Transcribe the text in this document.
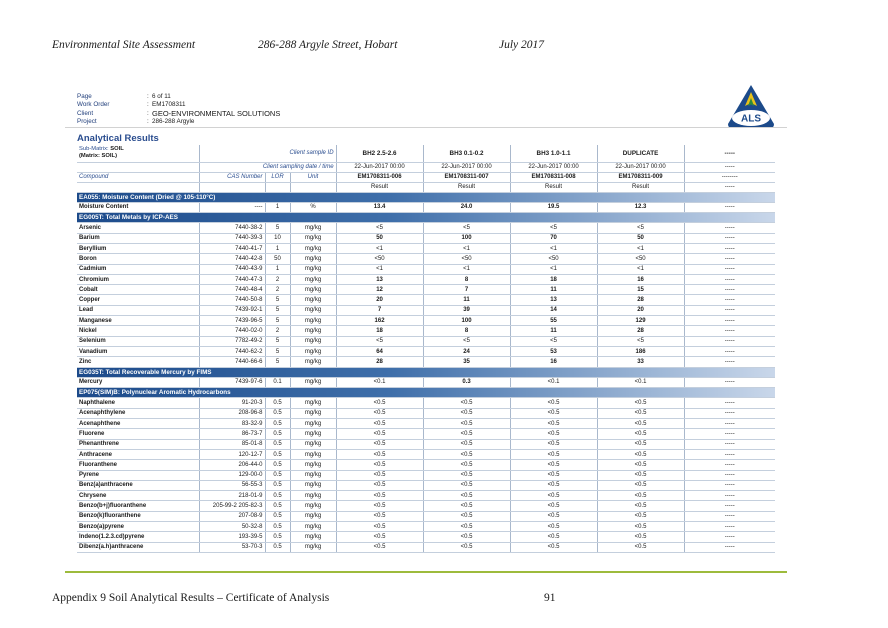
Environmental Site Assessment	286-288 Argyle Street, Hobart	July 2017
Page	: 6 of 11
Work Order	: EM1708311
Client	: GEO-ENVIRONMENTAL SOLUTIONS
Project	: 286-288 Argyle	ALS
Analytical Results
Sub-Matrix: SOIL
(Matrix: SOIL)	Client sample ID			BH2 2.5-2.6	BH3 0.1-0.2	BH3 1.0-1.1	DUPLICATE	-----
	Client sampling date / time			22-Jun-2017 00:00	22-Jun-2017 00:00	22-Jun-2017 00:00	22-Jun-2017 00:00	-----
Compound	CAS Number	LOR	Unit	EM1708311-006	EM1708311-007	EM1708311-008	EM1708311-009	--------
				Result	Result	Result	Result	-----
EA055: Moisture Content (Dried @ 105-110°C)								
Moisture Content	----	1	%	13.4	24.0	19.5	12.3	-----
EG005T: Total Metals by ICP-AES								
Arsenic	7440-38-2	5	mg/kg	<5	<5	<5	<5	-----
Barium	7440-39-3	10	mg/kg	50	100	70	50	-----
Beryllium	7440-41-7	1	mg/kg	<1	<1	<1	<1	-----
Boron	7440-42-8	50	mg/kg	<50	<50	<50	<50	-----
Cadmium	7440-43-9	1	mg/kg	<1	<1	<1	<1	-----
Chromium	7440-47-3	2	mg/kg	13	8	18	16	-----
Cobalt	7440-48-4	2	mg/kg	12	7	11	15	-----
Copper	7440-50-8	5	mg/kg	20	11	13	28	-----
Lead	7439-92-1	5	mg/kg	7	39	14	20	-----
Manganese	7439-96-5	5	mg/kg	162	100	55	129	-----
Nickel	7440-02-0	2	mg/kg	18	8	11	28	-----
Selenium	7782-49-2	5	mg/kg	<5	<5	<5	<5	-----
Vanadium	7440-62-2	5	mg/kg	64	24	53	186	-----
Zinc	7440-66-6	5	mg/kg	28	35	16	33	-----
EG035T: Total Recoverable Mercury by FIMS								
Mercury	7439-97-6	0.1	mg/kg	<0.1	0.3	<0.1	<0.1	-----
EP075(SIM)B: Polynuclear Aromatic Hydrocarbons								
Naphthalene	91-20-3	0.5	mg/kg	<0.5	<0.5	<0.5	<0.5	-----
Acenaphthylene	208-96-8	0.5	mg/kg	<0.5	<0.5	<0.5	<0.5	-----
Acenaphthene	83-32-9	0.5	mg/kg	<0.5	<0.5	<0.5	<0.5	-----
Fluorene	86-73-7	0.5	mg/kg	<0.5	<0.5	<0.5	<0.5	-----
Phenanthrene	85-01-8	0.5	mg/kg	<0.5	<0.5	<0.5	<0.5	-----
Anthracene	120-12-7	0.5	mg/kg	<0.5	<0.5	<0.5	<0.5	-----
Fluoranthene	206-44-0	0.5	mg/kg	<0.5	<0.5	<0.5	<0.5	-----
Pyrene	129-00-0	0.5	mg/kg	<0.5	<0.5	<0.5	<0.5	-----
Benz(a)anthracene	56-55-3	0.5	mg/kg	<0.5	<0.5	<0.5	<0.5	-----
Chrysene	218-01-9	0.5	mg/kg	<0.5	<0.5	<0.5	<0.5	-----
Benzo(b+j)fluoranthene	205-99-2 205-82-3	0.5	mg/kg	<0.5	<0.5	<0.5	<0.5	-----
Benzo(k)fluoranthene	207-08-9	0.5	mg/kg	<0.5	<0.5	<0.5	<0.5	-----
Benzo(a)pyrene	50-32-8	0.5	mg/kg	<0.5	<0.5	<0.5	<0.5	-----
Indeno(1.2.3.cd)pyrene	193-39-5	0.5	mg/kg	<0.5	<0.5	<0.5	<0.5	-----
Dibenz(a.h)anthracene	53-70-3	0.5	mg/kg	<0.5	<0.5	<0.5	<0.5	-----
Appendix 9 Soil Analytical Results – Certificate of Analysis	91
